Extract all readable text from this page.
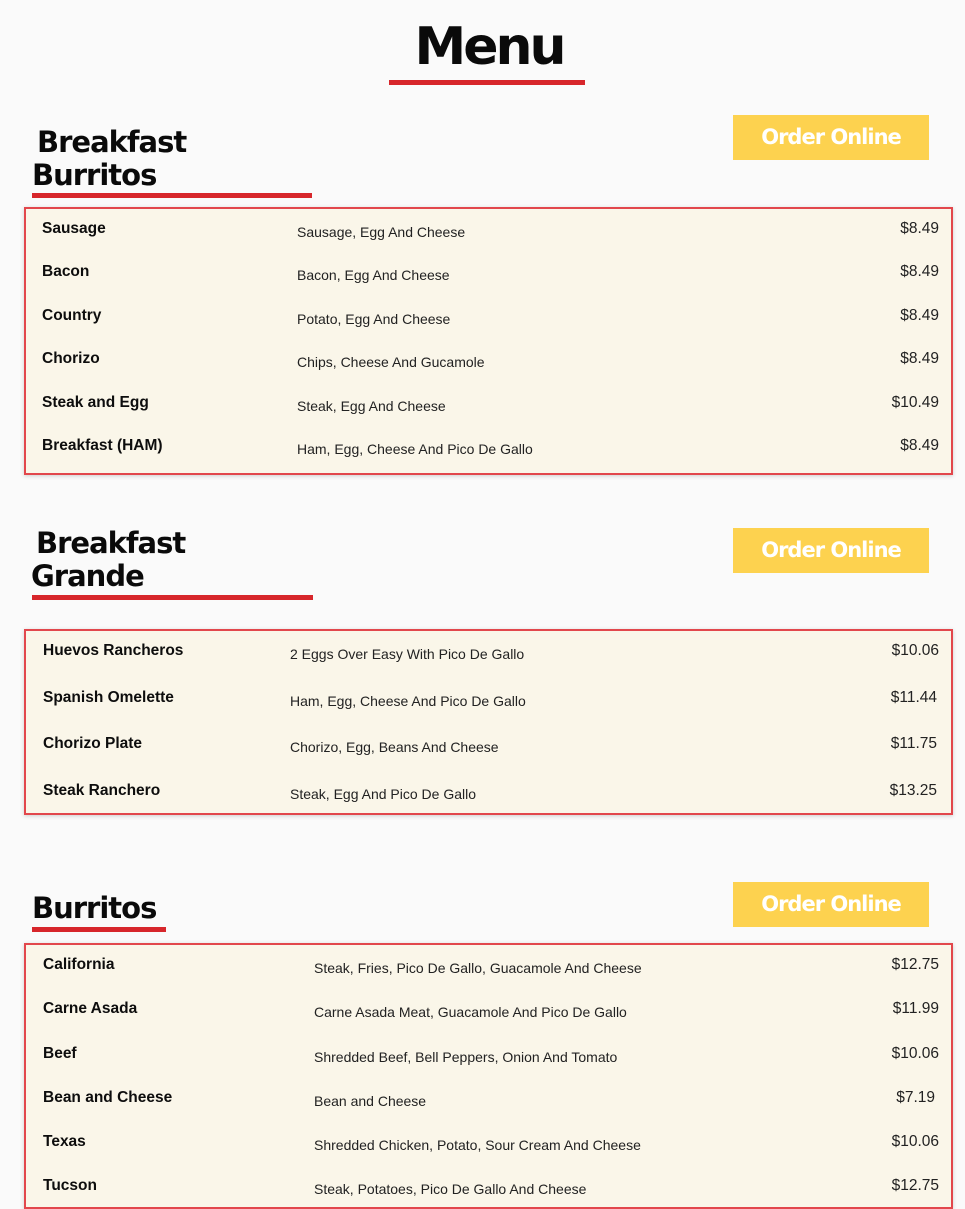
Menu
Breakfast
Burritos
Order Online
Sausage	Sausage, Egg And Cheese	$8.49
Bacon	Bacon, Egg And Cheese	$8.49
Country	Potato, Egg And Cheese	$8.49
Chorizo	Chips, Cheese And Gucamole	$8.49
Steak and Egg	Steak, Egg And Cheese	$10.49
Breakfast (HAM)	Ham, Egg, Cheese And Pico De Gallo	$8.49
Breakfast
Grande
Order Online
Huevos Rancheros	2 Eggs Over Easy With Pico De Gallo	$10.06
Spanish Omelette	Ham, Egg, Cheese And Pico De Gallo	$11.44
Chorizo Plate	Chorizo, Egg, Beans And Cheese	$11.75
Steak Ranchero	Steak, Egg And Pico De Gallo	$13.25
Burritos	Order Online
California	Steak, Fries, Pico De Gallo, Guacamole And Cheese	$12.75
Carne Asada	Carne Asada Meat, Guacamole And Pico De Gallo	$11.99
Beef	Shredded Beef, Bell Peppers, Onion And Tomato	$10.06
Bean and Cheese	Bean and Cheese	$7.19
Texas	Shredded Chicken, Potato, Sour Cream And Cheese	$10.06
Tucson	Steak, Potatoes, Pico De Gallo And Cheese	$12.75
